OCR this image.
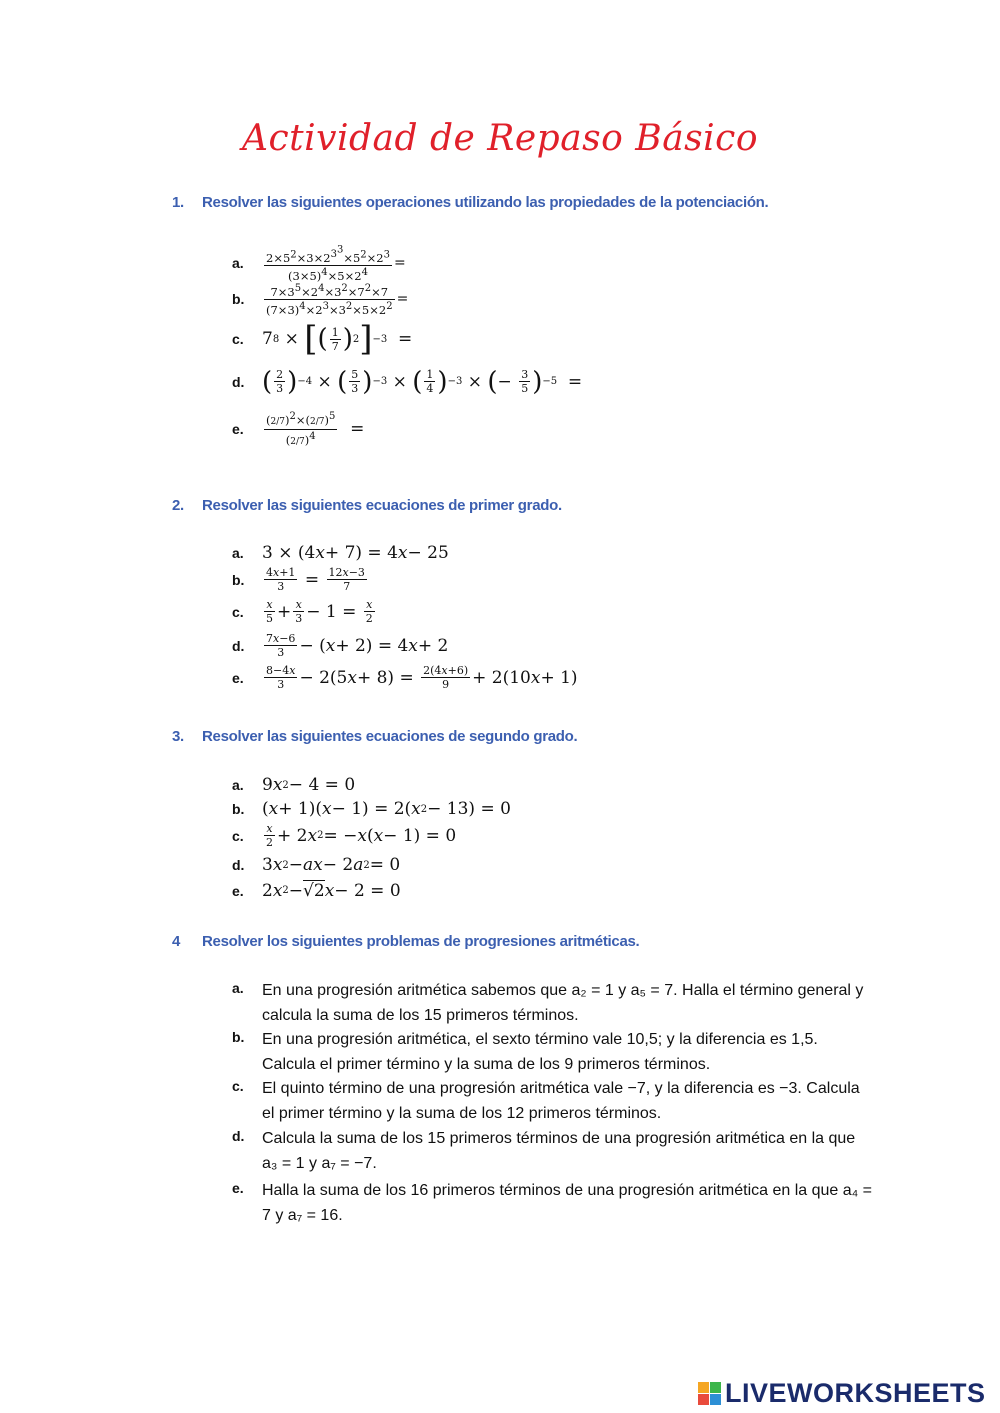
Actividad de Repaso Básico
1. Resolver las siguientes operaciones utilizando las propiedades de la potenciación.
a.	$\frac{2\times 5^2\times 3\times 2^{3^3}\times 5^2\times 2^3}{(3\times 5)^4\times 5\times 2^4}$ =
b.	$\frac{7\times 3^5\times 2^4\times 3^2\times 7^2\times 7}{(7\times 3)^4\times 2^3\times 3^2\times 5\times 2^2}$ =
c.	7 8 × [ ( $\frac{1}{7}$ ) 2 ] −3 =
d. ( $\frac{2}{3}$ ) −4 × ( $\frac{5}{3}$ ) −3 × ( $\frac{1}{4}$ ) −3 × ( − $\frac{3}{5}$ ) −5 =
e.	$\frac{(2/7)^2\times(2/7)^5}{(2/7)^4}$ =
2. Resolver las siguientes ecuaciones de primer grado.
a.	3 × (4 x + 7) = 4 x − 25
b.	$\frac{4x+1}{3} = \frac{12x-3}{7}$
c.	$\frac{x}{5} + \frac{x}{3} - 1 = \frac{x}{2}$
d.	$\frac{7x-6}{3}$ − ( x + 2) = 4 x + 2
e.	$\frac{8-4x}{3} - 2(5$ $x + 8) = \frac{2(4x+6)}{9} + 2(10$ x + 1)
3. Resolver las siguientes ecuaciones de segundo grado.
a.	9 x 2 − 4 = 0
b.	( x + 1)( x − 1) = 2( x 2 − 13) = 0
c.	$\frac{x}{2} + 2$ x 2 = − x ( x − 1) = 0
d.	3 x 2 − ax − 2 a 2 = 0
e.	2 x 2 − √2 x − 2 = 0
4 Resolver los siguientes problemas de progresiones aritméticas.
a.	En una progresión aritmética sabemos que a₂ = 1 y a₅ = 7. Halla el término general y calcula la suma de los 15 primeros términos.
b.	En una progresión aritmética, el sexto término vale 10,5; y la diferencia es 1,5. Calcula el primer término y la suma de los 9 primeros términos.
c.	El quinto término de una progresión aritmética vale −7, y la diferencia es −3. Calcula el primer término y la suma de los 12 primeros términos.
d.	Calcula la suma de los 15 primeros términos de una progresión aritmética en la que a₃ = 1 y a₇ = −7.
e.	Halla la suma de los 16 primeros términos de una progresión aritmética en la que a₄ = 7 y a₇ = 16.
LIVEWORKSHEETS
